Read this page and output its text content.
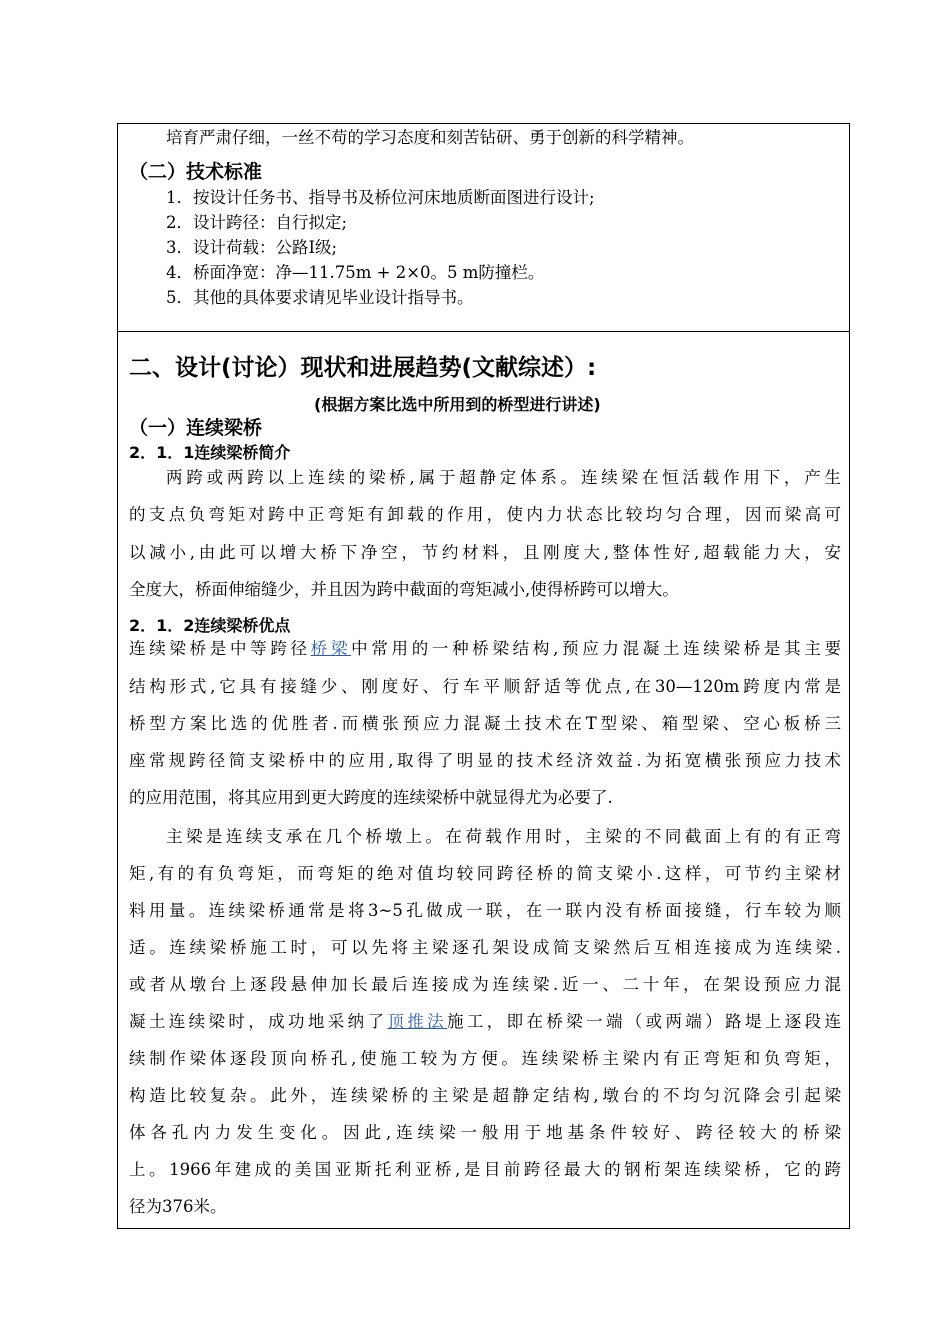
培育严肃仔细，一丝不苟的学习态度和刻苦钻研、勇于创新的科学精神。
（二）技术标准
1．按设计任务书、指导书及桥位河床地质断面图进行设计;
2．设计跨径：自行拟定;
3．设计荷载：公路Ⅰ级;
4．桥面净宽：净—11.75m + 2×0。5 m防撞栏。
5．其他的具体要求请见毕业设计指导书。
二、设计(讨论）现状和进展趋势(文献综述）:
(根据方案比选中所用到的桥型进行讲述)
（一）连续梁桥
2．1．1连续梁桥简介
两跨或两跨以上连续的梁桥,属于超静定体系。连续梁在恒活载作用下，产生
的支点负弯矩对跨中正弯矩有卸载的作用，使内力状态比较均匀合理，因而梁高可
以减小,由此可以增大桥下净空，节约材料，且刚度大,整体性好,超载能力大，安
全度大，桥面伸缩缝少，并且因为跨中截面的弯矩减小,使得桥跨可以增大。
2．1．2连续梁桥优点
连续梁桥是中等跨径桥梁中常用的一种桥梁结构,预应力混凝土连续梁桥是其主要
结构形式,它具有接缝少、刚度好、行车平顺舒适等优点,在30—120m跨度内常是
桥型方案比选的优胜者.而横张预应力混凝土技术在T型梁、箱型梁、空心板桥三
座常规跨径简支梁桥中的应用,取得了明显的技术经济效益.为拓宽横张预应力技术
的应用范围，将其应用到更大跨度的连续梁桥中就显得尤为必要了.
主梁是连续支承在几个桥墩上。在荷载作用时，主梁的不同截面上有的有正弯
矩,有的有负弯矩，而弯矩的绝对值均较同跨径桥的简支梁小.这样，可节约主梁材
料用量。连续梁桥通常是将3~5孔做成一联，在一联内没有桥面接缝，行车较为顺
适。连续梁桥施工时，可以先将主梁逐孔架设成简支梁然后互相连接成为连续梁.
或者从墩台上逐段悬伸加长最后连接成为连续梁.近一、二十年，在架设预应力混
凝土连续梁时，成功地采纳了顶推法施工，即在桥梁一端（或两端）路堤上逐段连
续制作梁体逐段顶向桥孔,使施工较为方便。连续梁桥主梁内有正弯矩和负弯矩，
构造比较复杂。此外，连续梁桥的主梁是超静定结构,墩台的不均匀沉降会引起梁
体各孔内力发生变化。因此,连续梁一般用于地基条件较好、跨径较大的桥梁
上。1966年建成的美国亚斯托利亚桥,是目前跨径最大的钢桁架连续梁桥，它的跨
径为376米。
